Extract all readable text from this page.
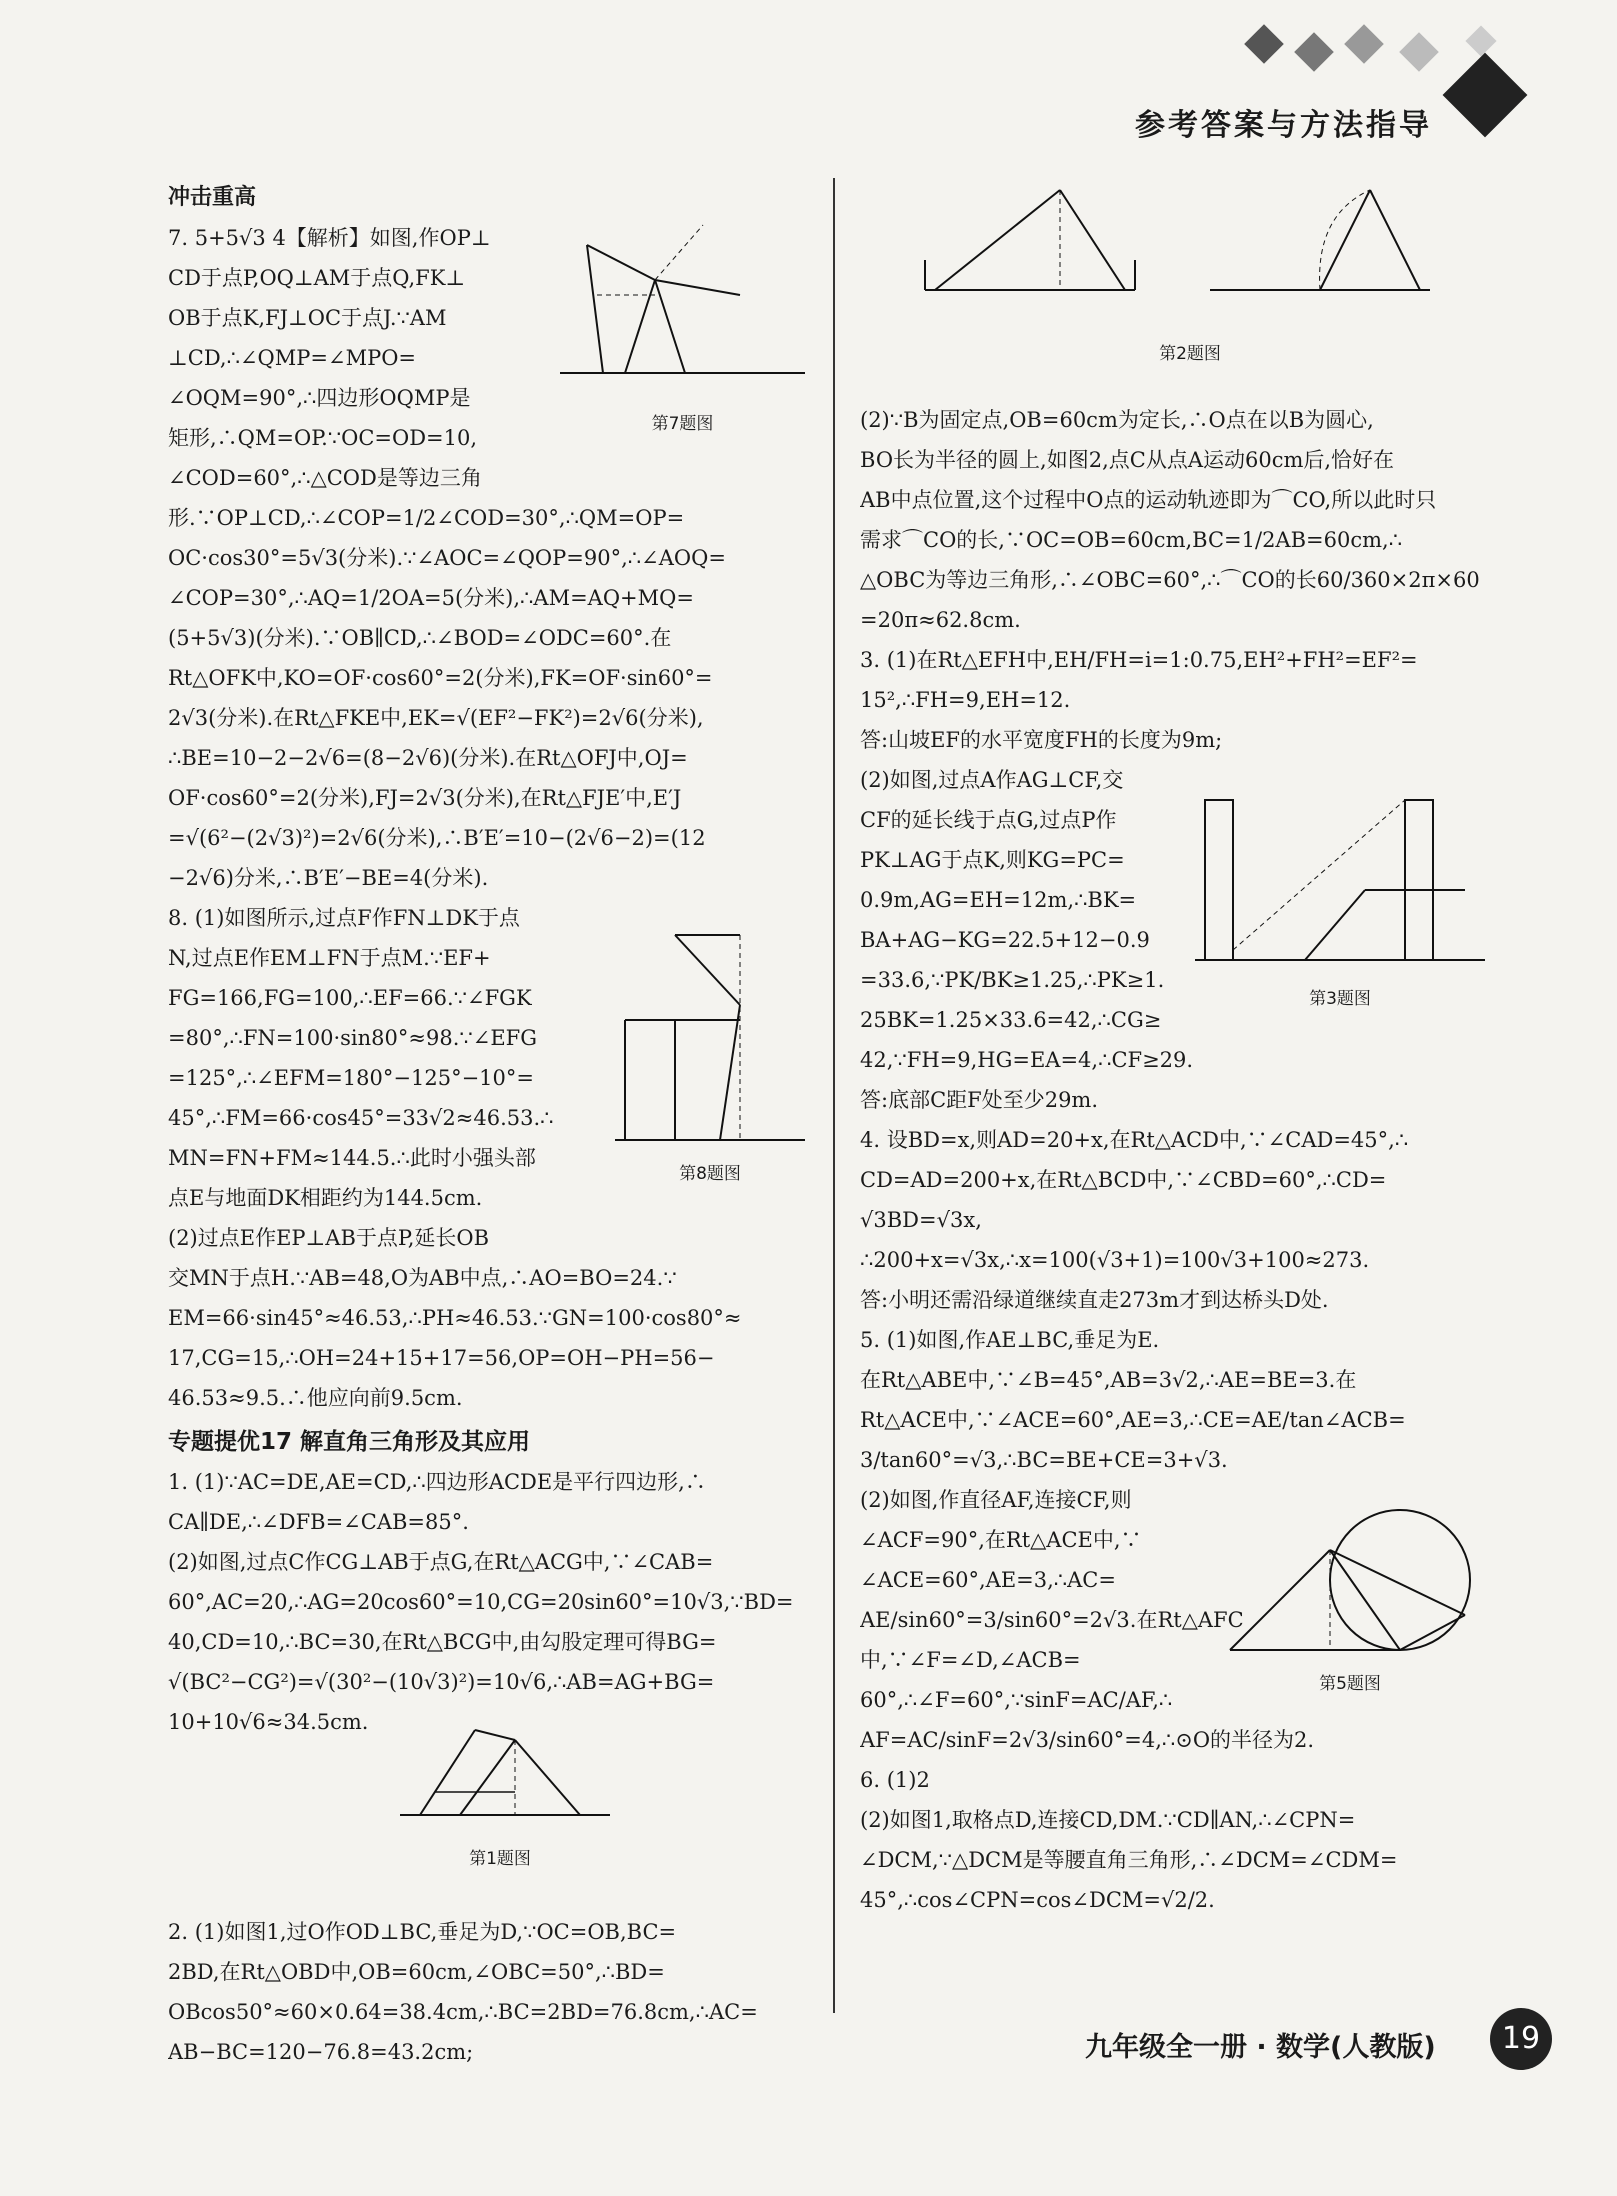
参考答案与方法指导
冲击重高
7. 5+5√3 4【解析】如图,作OP⊥
CD于点P,OQ⊥AM于点Q,FK⊥
OB于点K,FJ⊥OC于点J.∵AM
⊥CD,∴∠QMP=∠MPO=
∠OQM=90°,∴四边形OQMP是
矩形,∴QM=OP.∵OC=OD=10,
∠COD=60°,∴△COD是等边三角
形.∵OP⊥CD,∴∠COP=1/2∠COD=30°,∴QM=OP=
OC·cos30°=5√3(分米).∵∠AOC=∠QOP=90°,∴∠AOQ=
∠COP=30°,∴AQ=1/2OA=5(分米),∴AM=AQ+MQ=
(5+5√3)(分米).∵OB∥CD,∴∠BOD=∠ODC=60°.在
Rt△OFK中,KO=OF·cos60°=2(分米),FK=OF·sin60°=
2√3(分米).在Rt△FKE中,EK=√(EF²−FK²)=2√6(分米),
∴BE=10−2−2√6=(8−2√6)(分米).在Rt△OFJ中,OJ=
OF·cos60°=2(分米),FJ=2√3(分米),在Rt△FJE′中,E′J
=√(6²−(2√3)²)=2√6(分米),∴B′E′=10−(2√6−2)=(12
−2√6)分米,∴B′E′−BE=4(分米).
8. (1)如图所示,过点F作FN⊥DK于点
N,过点E作EM⊥FN于点M.∵EF+
FG=166,FG=100,∴EF=66.∵∠FGK
=80°,∴FN=100·sin80°≈98.∵∠EFG
=125°,∴∠EFM=180°−125°−10°=
45°,∴FM=66·cos45°=33√2≈46.53.∴
MN=FN+FM≈144.5.∴此时小强头部
点E与地面DK相距约为144.5cm.
(2)过点E作EP⊥AB于点P,延长OB
交MN于点H.∵AB=48,O为AB中点,∴AO=BO=24.∵
EM=66·sin45°≈46.53,∴PH≈46.53.∵GN=100·cos80°≈
17,CG=15,∴OH=24+15+17=56,OP=OH−PH=56−
46.53≈9.5.∴他应向前9.5cm.
专题提优17 解直角三角形及其应用
1. (1)∵AC=DE,AE=CD,∴四边形ACDE是平行四边形,∴
CA∥DE,∴∠DFB=∠CAB=85°.
(2)如图,过点C作CG⊥AB于点G,在Rt△ACG中,∵∠CAB=
60°,AC=20,∴AG=20cos60°=10,CG=20sin60°=10√3,∵BD=
40,CD=10,∴BC=30,在Rt△BCG中,由勾股定理可得BG=
√(BC²−CG²)=√(30²−(10√3)²)=10√6,∴AB=AG+BG=
10+10√6≈34.5cm.
2. (1)如图1,过O作OD⊥BC,垂足为D,∵OC=OB,BC=
2BD,在Rt△OBD中,OB=60cm,∠OBC=50°,∴BD=
OBcos50°≈60×0.64=38.4cm,∴BC=2BD=76.8cm,∴AC=
AB−BC=120−76.8=43.2cm;
(2)∵B为固定点,OB=60cm为定长,∴O点在以B为圆心,
BO长为半径的圆上,如图2,点C从点A运动60cm后,恰好在
AB中点位置,这个过程中O点的运动轨迹即为⌒CO,所以此时只
需求⌒CO的长,∵OC=OB=60cm,BC=1/2AB=60cm,∴
△OBC为等边三角形,∴∠OBC=60°,∴⌒CO的长60/360×2π×60
=20π≈62.8cm.
3. (1)在Rt△EFH中,EH/FH=i=1:0.75,EH²+FH²=EF²=
15²,∴FH=9,EH=12.
答:山坡EF的水平宽度FH的长度为9m;
(2)如图,过点A作AG⊥CF,交
CF的延长线于点G,过点P作
PK⊥AG于点K,则KG=PC=
0.9m,AG=EH=12m,∴BK=
BA+AG−KG=22.5+12−0.9
=33.6,∵PK/BK≥1.25,∴PK≥1.
25BK=1.25×33.6=42,∴CG≥
42,∵FH=9,HG=EA=4,∴CF≥29.
答:底部C距F处至少29m.
4. 设BD=x,则AD=20+x,在Rt△ACD中,∵∠CAD=45°,∴
CD=AD=200+x,在Rt△BCD中,∵∠CBD=60°,∴CD=
√3BD=√3x,
∴200+x=√3x,∴x=100(√3+1)=100√3+100≈273.
答:小明还需沿绿道继续直走273m才到达桥头D处.
5. (1)如图,作AE⊥BC,垂足为E.
在Rt△ABE中,∵∠B=45°,AB=3√2,∴AE=BE=3.在
Rt△ACE中,∵∠ACE=60°,AE=3,∴CE=AE/tan∠ACB=
3/tan60°=√3,∴BC=BE+CE=3+√3.
(2)如图,作直径AF,连接CF,则
∠ACF=90°,在Rt△ACE中,∵
∠ACE=60°,AE=3,∴AC=
AE/sin60°=3/sin60°=2√3.在Rt△AFC
中,∵∠F=∠D,∠ACB=
60°,∴∠F=60°,∵sinF=AC/AF,∴
AF=AC/sinF=2√3/sin60°=4,∴⊙O的半径为2.
6. (1)2
(2)如图1,取格点D,连接CD,DM.∵CD∥AN,∴∠CPN=
∠DCM,∵△DCM是等腰直角三角形,∴∠DCM=∠CDM=
45°,∴cos∠CPN=cos∠DCM=√2/2.
第7题图
第8题图
第1题图
第2题图
第3题图
第5题图
九年级全一册 · 数学(人教版)	19
